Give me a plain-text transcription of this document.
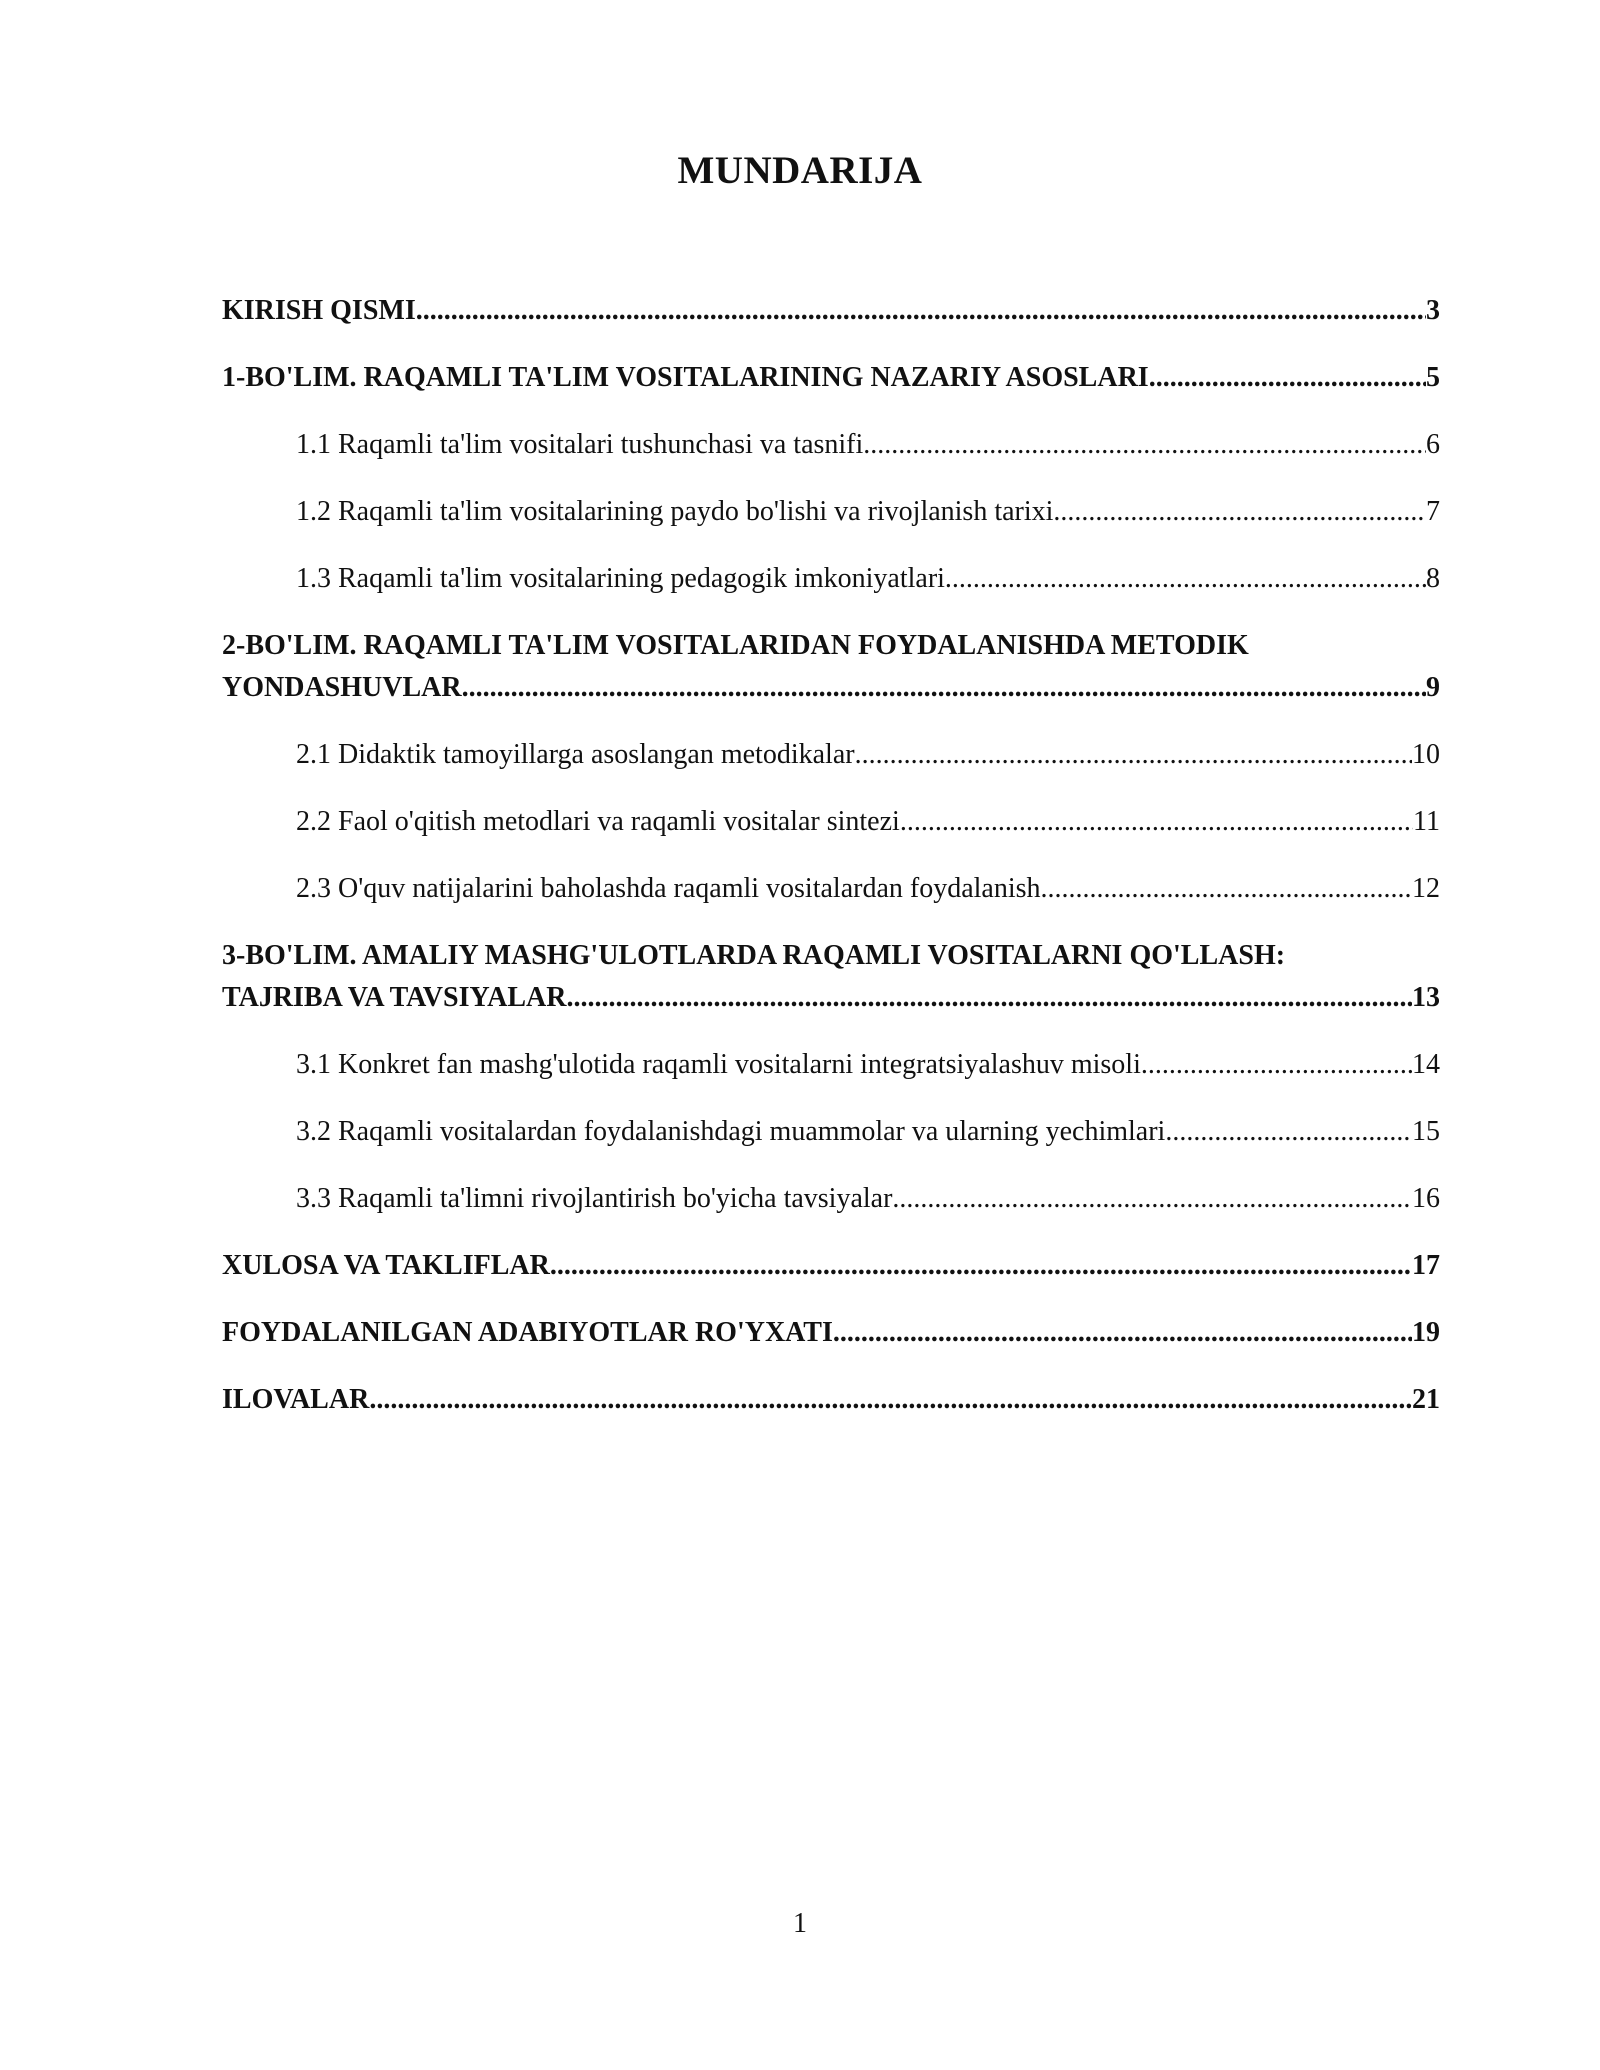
MUNDARIJA
KIRISH QISMI .....	3
1-BO'LIM. RAQAMLI TA'LIM VOSITALARINING NAZARIY ASOSLARI .....	5
1.1 Raqamli ta'lim vositalari tushunchasi va tasnifi .....	6
1.2 Raqamli ta'lim vositalarining paydo bo'lishi va rivojlanish tarixi .....	7
1.3 Raqamli ta'lim vositalarining pedagogik imkoniyatlari .....	8
2-BO'LIM. RAQAMLI TA'LIM VOSITALARIDAN FOYDALANISHDA METODIK
YONDASHUVLAR .....	9
2.1 Didaktik tamoyillarga asoslangan metodikalar .....	10
2.2 Faol o'qitish metodlari va raqamli vositalar sintezi .....	11
2.3 O'quv natijalarini baholashda raqamli vositalardan foydalanish .....	12
3-BO'LIM. AMALIY MASHG'ULOTLARDA RAQAMLI VOSITALARNI QO'LLASH:
TAJRIBA VA TAVSIYALAR .....	13
3.1 Konkret fan mashg'ulotida raqamli vositalarni integratsiyalashuv misoli .....	14
3.2 Raqamli vositalardan foydalanishdagi muammolar va ularning yechimlari .....	15
3.3 Raqamli ta'limni rivojlantirish bo'yicha tavsiyalar .....	16
XULOSA VA TAKLIFLAR .....	17
FOYDALANILGAN ADABIYOTLAR RO'YXATI .....	19
ILOVALAR .....	21
1
